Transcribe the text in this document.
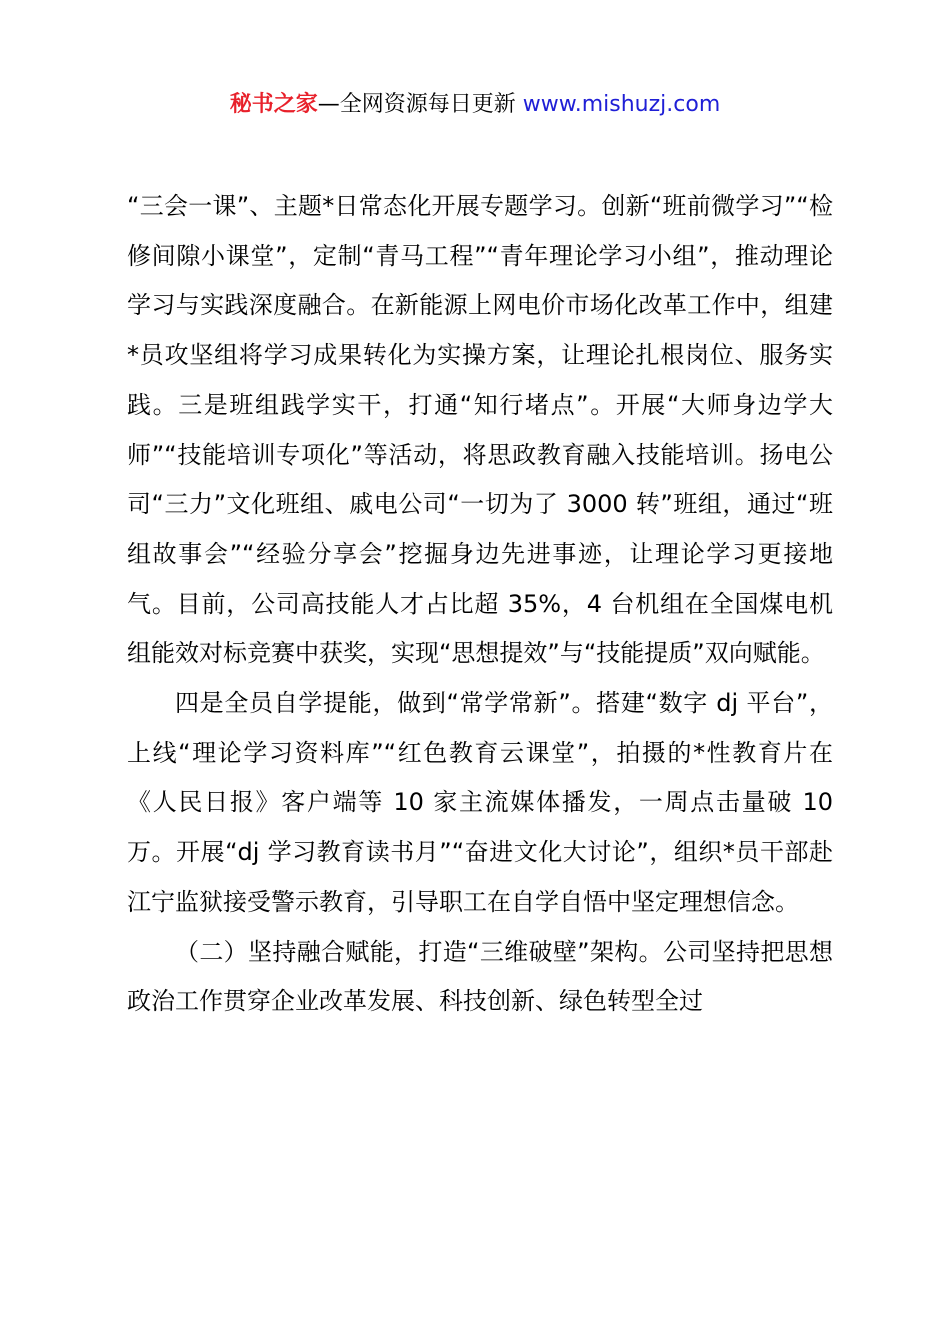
秘书之家—全网资源每日更新 www.mishuzj.com

“三会一课”、主题*日常态化开展专题学习。创新“班前微学习”“检修间隙小课堂”，定制“青马工程”“青年理论学习小组”，推动理论学习与实践深度融合。在新能源上网电价市场化改革工作中，组建*员攻坚组将学习成果转化为实操方案，让理论扎根岗位、服务实践。三是班组践学实干，打通“知行堵点”。开展“大师身边学大师”“技能培训专项化”等活动，将思政教育融入技能培训。扬电公司“三力”文化班组、戚电公司“一切为了 3000 转”班组，通过“班组故事会”“经验分享会”挖掘身边先进事迹，让理论学习更接地气。目前，公司高技能人才占比超 35%，4 台机组在全国煤电机组能效对标竞赛中获奖，实现“思想提效”与“技能提质”双向赋能。

四是全员自学提能，做到“常学常新”。搭建“数字 dj 平台”，上线“理论学习资料库”“红色教育云课堂”，拍摄的*性教育片在《人民日报》客户端等 10 家主流媒体播发，一周点击量破 10 万。开展“dj 学习教育读书月”“奋进文化大讨论”，组织*员干部赴江宁监狱接受警示教育，引导职工在自学自悟中坚定理想信念。

（二）坚持融合赋能，打造“三维破壁”架构。公司坚持把思想政治工作贯穿企业改革发展、科技创新、绿色转型全过
